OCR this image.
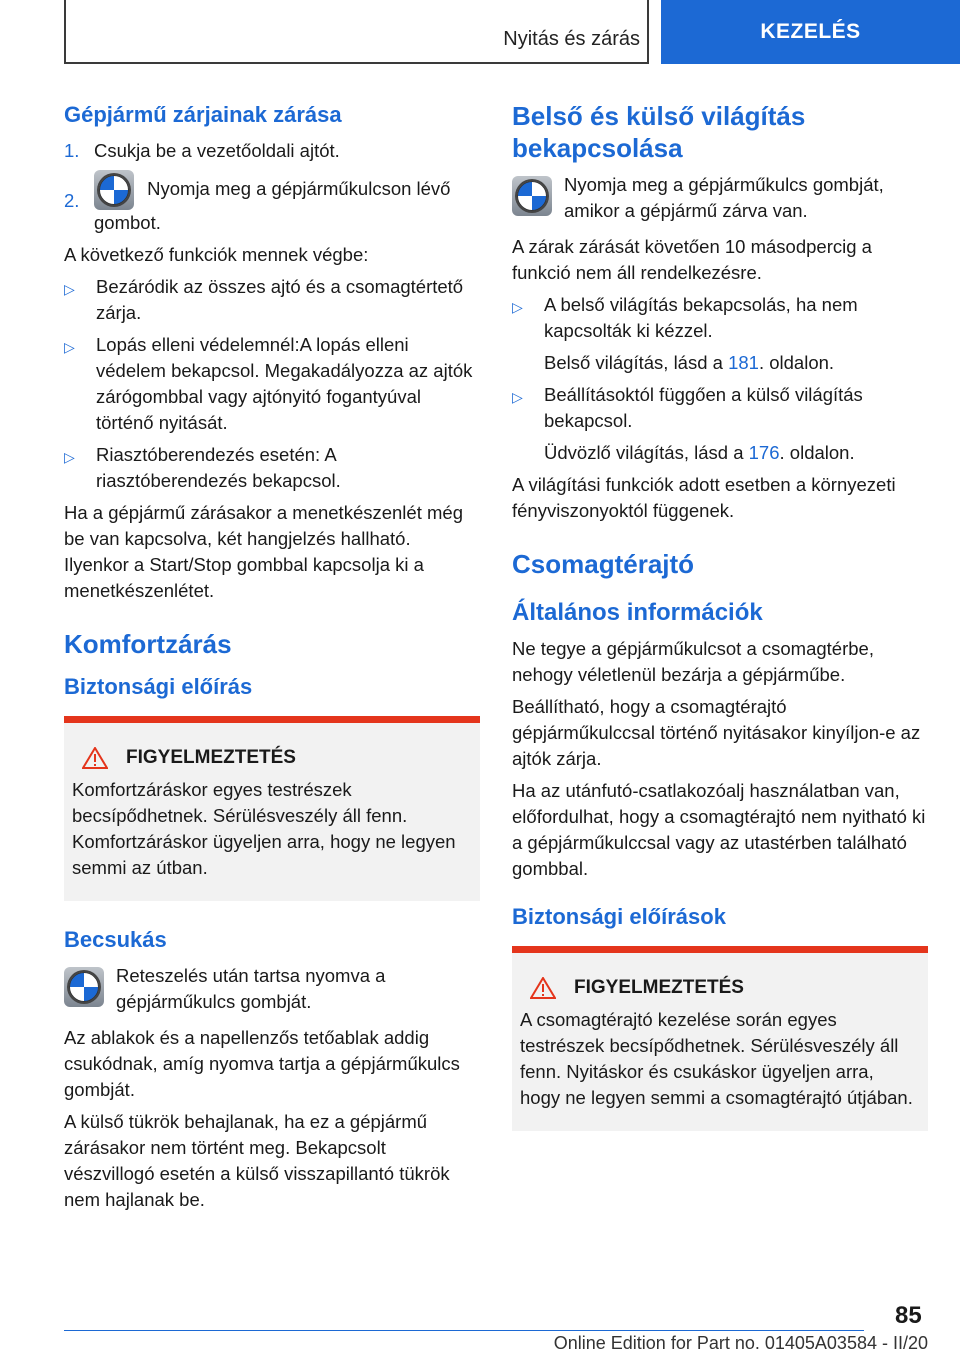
Nyitás és zárás	KEZELÉS
Gépjármű zárjainak zárása
1. Csukja be a vezetőoldali ajtót.
2.
Nyomja meg a gépjárműkulcson lévő gombot.
A következő funkciók mennek végbe:
▷	Bezáródik az összes ajtó és a csomagtértető zárja.
▷	Lopás elleni védelemnél:A lopás elleni védelem bekapcsol. Megakadályozza az ajtók zárógombbal vagy ajtónyitó fogantyúval történő nyitását.
▷	Riasztóberendezés esetén: A riasztóberendezés bekapcsol.
Ha a gépjármű zárásakor a menetkészenlét még be van kapcsolva, két hangjelzés hallható. Ilyenkor a Start/Stop gombbal kapcsolja ki a menetkészenlétet.
Komfortzárás
Biztonsági előírás
FIGYELMEZTETÉS
Komfortzáráskor egyes testrészek becsípődhetnek. Sérülésveszély áll fenn. Komfortzáráskor ügyeljen arra, hogy ne legyen semmi az útban.
Becsukás
Reteszelés után tartsa nyomva a gépjárműkulcs gombját.
Az ablakok és a napellenzős tetőablak addig csukódnak, amíg nyomva tartja a gépjárműkulcs gombját.
A külső tükrök behajlanak, ha ez a gépjármű zárásakor nem történt meg. Bekapcsolt vészvillogó esetén a külső visszapillantó tükrök nem hajlanak be.
Belső és külső világítás bekapcsolása
Nyomja meg a gépjárműkulcs gombját, amikor a gépjármű zárva van.
A zárak zárását követően 10 másodpercig a funkció nem áll rendelkezésre.
▷	A belső világítás bekapcsolás, ha nem kapcsolták ki kézzel.
Belső világítás, lásd a 181. oldalon.
▷	Beállításoktól függően a külső világítás bekapcsol.
Üdvözlő világítás, lásd a 176. oldalon.
A világítási funkciók adott esetben a környezeti fényviszonyoktól függenek.
Csomagtérajtó
Általános információk
Ne tegye a gépjárműkulcsot a csomagtérbe, nehogy véletlenül bezárja a gépjárműbe.
Beállítható, hogy a csomagtérajtó gépjárműkulccsal történő nyitásakor kinyíljon-e az ajtók zárja.
Ha az utánfutó-csatlakozóalj használatban van, előfordulhat, hogy a csomagtérajtó nem nyitható ki a gépjárműkulccsal vagy az utastérben található gombbal.
Biztonsági előírások
FIGYELMEZTETÉS
A csomagtérajtó kezelése során egyes testrészek becsípődhetnek. Sérülésveszély áll fenn. Nyitáskor és csukáskor ügyeljen arra, hogy ne legyen semmi a csomagtérajtó útjában.
85
Online Edition for Part no. 01405A03584 - II/20
